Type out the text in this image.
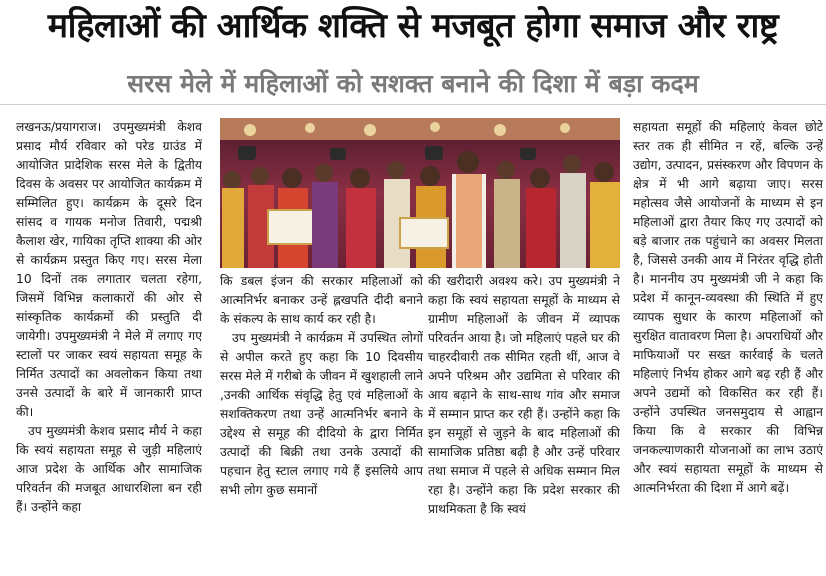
महिलाओं की आर्थिक शक्ति से मजबूत होगा समाज और राष्ट्र
सरस मेले में महिलाओं को सशक्त बनाने की दिशा में बड़ा कदम

लखनऊ/प्रयागराज। उपमुख्यमंत्री केशव प्रसाद मौर्य रविवार को परेड ग्राउंड में आयोजित प्रादेशिक सरस मेले के द्वितीय दिवस के अवसर पर आयोजित कार्यक्रम में सम्मिलित हुए। कार्यक्रम के दूसरे दिन सांसद व गायक मनोज तिवारी, पद्मश्री कैलाश खेर, गायिका तृप्ति शाक्या की ओर से कार्यक्रम प्रस्तुत किए गए। सरस मेला 10 दिनों तक लगातार चलता रहेगा, जिसमें विभिन्न कलाकारों की ओर से सांस्कृतिक कार्यक्रमों की प्रस्तुति दी जायेगी। उपमुख्यमंत्री ने मेले में लगाए गए स्टालों पर जाकर स्वयं सहायता समूह के निर्मित उत्पादों का अवलोकन किया तथा उनसे उत्पादों के बारे में जानकारी प्राप्त की।

उप मुख्यमंत्री केशव प्रसाद मौर्य ने कहा कि स्वयं सहायता समूह से जुड़ी महिलाएं आज प्रदेश के आर्थिक और सामाजिक परिवर्तन की मजबूत आधारशिला बन रही हैं। उन्होंने कहा

कि डबल इंजन की सरकार महिलाओं को आत्मनिर्भर बनाकर उन्हें ह्लखपति दीदी बनाने के संकल्प के साथ कार्य कर रही है।

उप मुख्यमंत्री ने कार्यक्रम में उपस्थित लोगों से अपील करते हुए कहा कि 10 दिवसीय सरस मेले में गरीबो के जीवन में खुशहाली लाने ,उनकी आर्थिक संवृद्धि हेतु एवं महिलाओं के सशक्तिकरण तथा उन्हें आत्मनिर्भर बनाने के उद्देश्य से समूह की दीदियो के द्वारा निर्मित उत्पादों की बिक्री तथा उनके उत्पादों की पहचान हेतु स्टाल लगाए गये हैं इसलिये आप सभी लोग कुछ समानों

की खरीदारी अवश्य करे। उप मुख्यमंत्री ने कहा कि स्वयं सहायता समूहों के माध्यम से ग्रामीण महिलाओं के जीवन में व्यापक परिवर्तन आया है। जो महिलाएं पहले घर की चाहरदीवारी तक सीमित रहती थीं, आज वे अपने परिश्रम और उद्यमिता से परिवार की आय बढ़ाने के साथ-साथ गांव और समाज में सम्मान प्राप्त कर रही हैं। उन्होंने कहा कि इन समूहों से जुड़ने के बाद महिलाओं की सामाजिक प्रतिष्ठा बढ़ी है और उन्हें परिवार तथा समाज में पहले से अधिक सम्मान मिल रहा है। उन्होंने कहा कि प्रदेश सरकार की प्राथमिकता है कि स्वयं

सहायता समूहों की महिलाएं केवल छोटे स्तर तक ही सीमित न रहें, बल्कि उन्हें उद्योग, उत्पादन, प्रसंस्करण और विपणन के क्षेत्र में भी आगे बढ़ाया जाए। सरस महोत्सव जैसे आयोजनों के माध्यम से इन महिलाओं द्वारा तैयार किए गए उत्पादों को बड़े बाजार तक पहुंचाने का अवसर मिलता है, जिससे उनकी आय में निरंतर वृद्धि होती है। माननीय उप मुख्यमंत्री जी ने कहा कि प्रदेश में कानून-व्यवस्था की स्थिति में हुए व्यापक सुधार के कारण महिलाओं को सुरक्षित वातावरण मिला है। अपराधियों और माफियाओं पर सख्त कार्रवाई के चलते महिलाएं निर्भय होकर आगे बढ़ रही हैं और अपने उद्यमों को विकसित कर रही हैं। उन्होंने उपस्थित जनसमुदाय से आह्वान किया कि वे सरकार की विभिन्न जनकल्याणकारी योजनाओं का लाभ उठाएं और स्वयं सहायता समूहों के माध्यम से आत्मनिर्भरता की दिशा में आगे बढ़ें।
